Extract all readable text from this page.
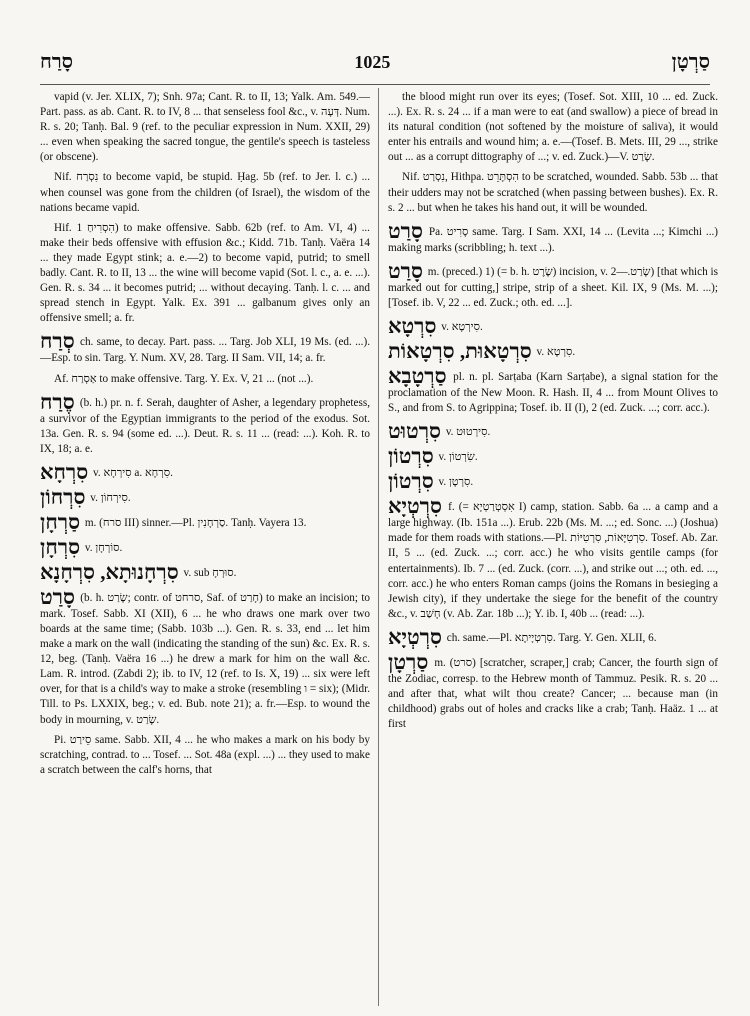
סָרַח	1025	סַרְטָן
vapid (v. Jer. XLIX, 7); Snh. 97a; Cant. R. to II, 13; Yalk. Am. 549.—Part. pass. as ab. Cant. R. to IV, 8 ... that senseless fool &c., v. דְּעָה. Num. R. s. 20; Tanḥ. Bal. 9 (ref. to the peculiar expression in Num. XXII, 29) ... even when speaking the sacred tongue, the gentile's speech is tasteless (or obscene).
Nif. נִסְרַח to become vapid, be stupid. Ḥag. 5b (ref. to Jer. l. c.) ... when counsel was gone from the children (of Israel), the wisdom of the nations became vapid.
Hif. הִסְרִיחַ 1) to make offensive. Sabb. 62b (ref. to Am. VI, 4) ... make their beds offensive with effusion &c.; Kidd. 71b. Tanḥ. Vaëra 14 ... they made Egypt stink; a. e.—2) to become vapid, putrid; to smell badly. Cant. R. to II, 13 ... the wine will become vapid (Sot. l. c., a. e. ...). Gen. R. s. 34 ... it becomes putrid; ... without decaying. Tanḥ. l. c. ... and spread stench in Egypt. Yalk. Ex. 391 ... galbanum gives only an offensive smell; a. fr.
סְרַח ch. same, to decay. Part. pass. ... Targ. Job XLI, 19 Ms. (ed. ...).—Esp. to sin. Targ. Y. Num. XV, 28. Targ. II Sam. VII, 14; a. fr.
Af. אַסְרַח to make offensive. Targ. Y. Ex. V, 21 ... (not ...).
סֶרַח (b. h.) pr. n. f. Serah, daughter of Asher, a legendary prophetess, a survivor of the Egyptian immigrants to the period of the exodus. Sot. 13a. Gen. R. s. 94 (some ed. ...). Deut. R. s. 11 ... (read: ...). Koh. R. to IX, 18; a. e.
סִרְחָא v. סִירְחָא a. סִרְחָא.
סִרְחוֹן v. סִירְחוֹן.
סַרְחָן m. (סרח III) sinner.—Pl. סַרְחָנִין. Tanḥ. Vayera 13.
סִרְחָן v. סוֹרְחָן.
סִרְחָנוּתָא, סִרְחָנָא v. sub סוּרְחָ.
סָרַט (b. h. שָׂרַט; contr. of סרחט, Saf. of חָרַט) to make an incision; to mark. Tosef. Sabb. XI (XII), 6 ... he who draws one mark over two boards at the same time; (Sabb. 103b ...). Gen. R. s. 33, end ... let him make a mark on the wall (indicating the standing of the sun) &c. Ex. R. s. 12, beg. (Tanḥ. Vaëra 16 ...) he drew a mark for him on the wall &c. Lam. R. introd. (Zabdi 2); ib. to IV, 12 (ref. to Is. X, 19) ... six were left over, for that is a child's way to make a stroke (resembling ו = six); (Midr. Till. to Ps. LXXIX, beg.; v. ed. Bub. note 21); a. fr.—Esp. to wound the body in mourning, v. שָׂרַט.
Pi. סֵירַט same. Sabb. XII, 4 ... he who makes a mark on his body by scratching, contrad. to ... Tosef. ... Sot. 48a (expl. ...) ... they used to make a scratch between the calf's horns, that
the blood might run over its eyes; (Tosef. Sot. XIII, 10 ... ed. Zuck. ...). Ex. R. s. 24 ... if a man were to eat (and swallow) a piece of bread in its natural condition (not softened by the moisture of saliva), it would enter his entrails and wound him; a. e.—(Tosef. B. Mets. III, 29 ..., strike out ... as a corrupt dittography of ...; v. ed. Zuck.)—V. שָׂרַט.
Nif. נִסְרַט, Hithpa. הִסְתָּרֵט to be scratched, wounded. Sabb. 53b ... that their udders may not be scratched (when passing between bushes). Ex. R. s. 2 ... but when he takes his hand out, it will be wounded.
סָרַט Pa. סָרִיט same. Targ. I Sam. XXI, 14 ... (Levita ...; Kimchi ...) making marks (scribbling; h. text ...).
סָרַט m. (preced.) 1) (= b. h. שֶׂרֶט) incision, v. שָׂרַט.—2) [that which is marked out for cutting,] stripe, strip of a sheet. Kil. IX, 9 (Ms. M. ...); [Tosef. ib. V, 22 ... ed. Zuck.; oth. ed. ...].
סִרְטָא v. סִירְטָא.
סִרְטָאוּת, סִרְטָאוֹת v. סִרְטָא.
סַרְטָבָא pl. n. pl. Sarṭaba (Karn Sarṭabe), a signal station for the proclamation of the New Moon. R. Hash. II, 4 ... from Mount Olives to S., and from S. to Agrippina; Tosef. ib. II (I), 2 (ed. Zuck. ...; corr. acc.).
סִרְטוּט v. סִירְטוּט.
סִרְטוֹן v. שִׂרְטוֹן.
סִרְטוֹן v. סִרְטָן.
סִרְטְיָא f. (= אִסְטְרַטְיָא I) camp, station. Sabb. 6a ... a camp and a large highway. (Ib. 151a ...). Erub. 22b (Ms. M. ...; ed. Sonc. ...) (Joshua) made for them roads with stations.—Pl. סִרְטִיָּאוֹת, סִרְטִיּוֹת. Tosef. Ab. Zar. II, 5 ... (ed. Zuck. ...; corr. acc.) he who visits gentile camps (for entertainments). Ib. 7 ... (ed. Zuck. (corr. ...), and strike out ...; oth. ed. ..., corr. acc.) he who enters Roman camps (joins the Romans in besieging a Jewish city), if they undertake the siege for the benefit of the country &c., v. חָשַׁב (v. Ab. Zar. 18b ...); Y. ib. I, 40b ... (read: ...).
סִרְטְיָא ch. same.—Pl. סִרְטְיָיתָא. Targ. Y. Gen. XLII, 6.
סַרְטָן m. (סרט) [scratcher, scraper,] crab; Cancer, the fourth sign of the Zodiac, corresp. to the Hebrew month of Tammuz. Pesik. R. s. 20 ... and after that, what wilt thou create? Cancer; ... because man (in childhood) grabs out of holes and cracks like a crab; Tanḥ. Haäz. 1 ... at first
